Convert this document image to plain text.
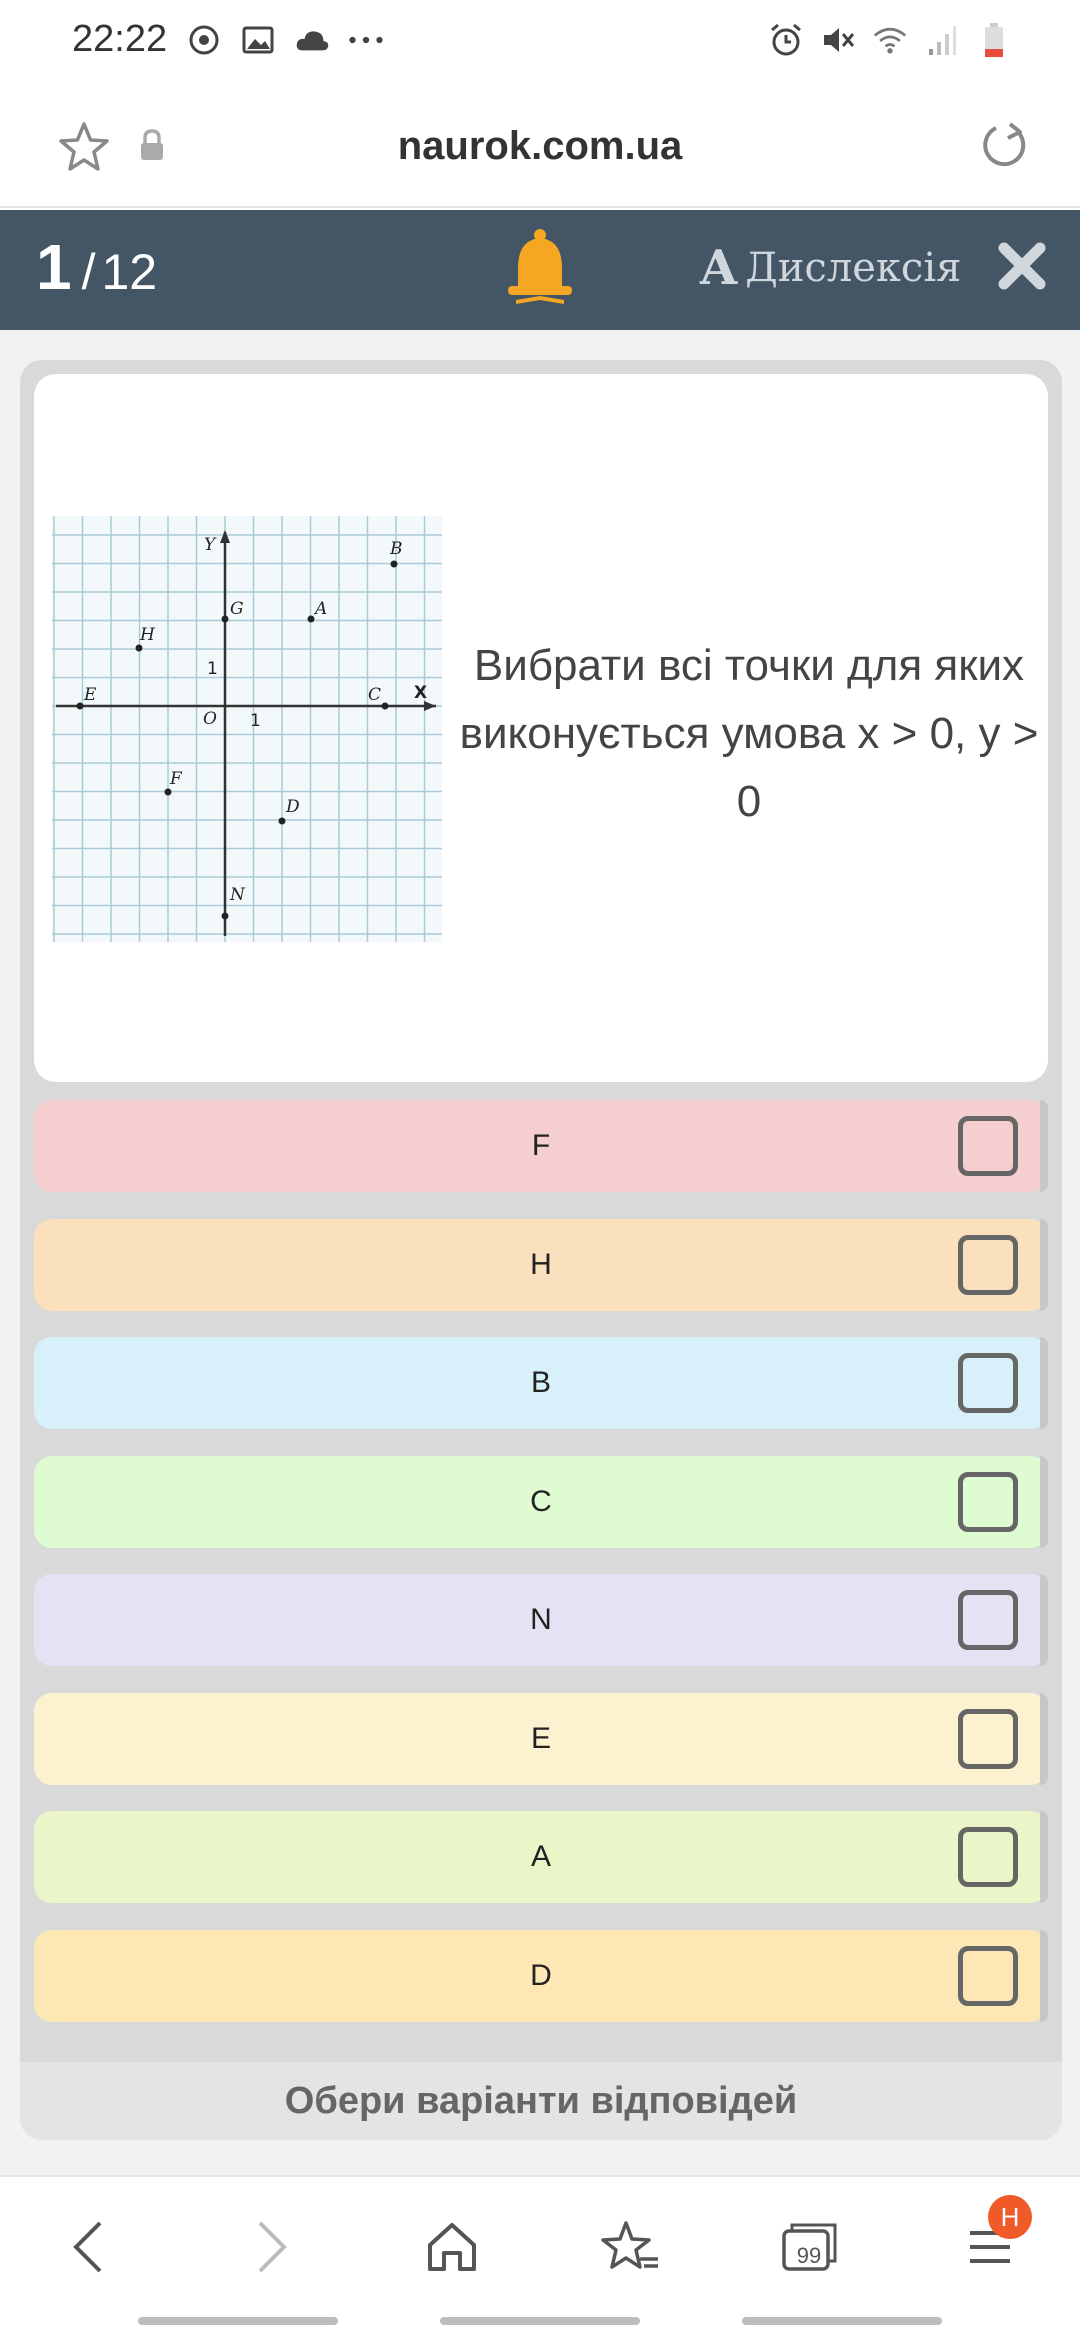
22:22
naurok.com.ua
1 / 12	A Дислексія
Y
X
O 1
1
B
G	A
H
E	C
F
D
N
Вибрати всі точки для яких виконується умова x > 0, y > 0
F
H
B
C
N
E
A
D
Обери варіанти відповідей
99
Н
